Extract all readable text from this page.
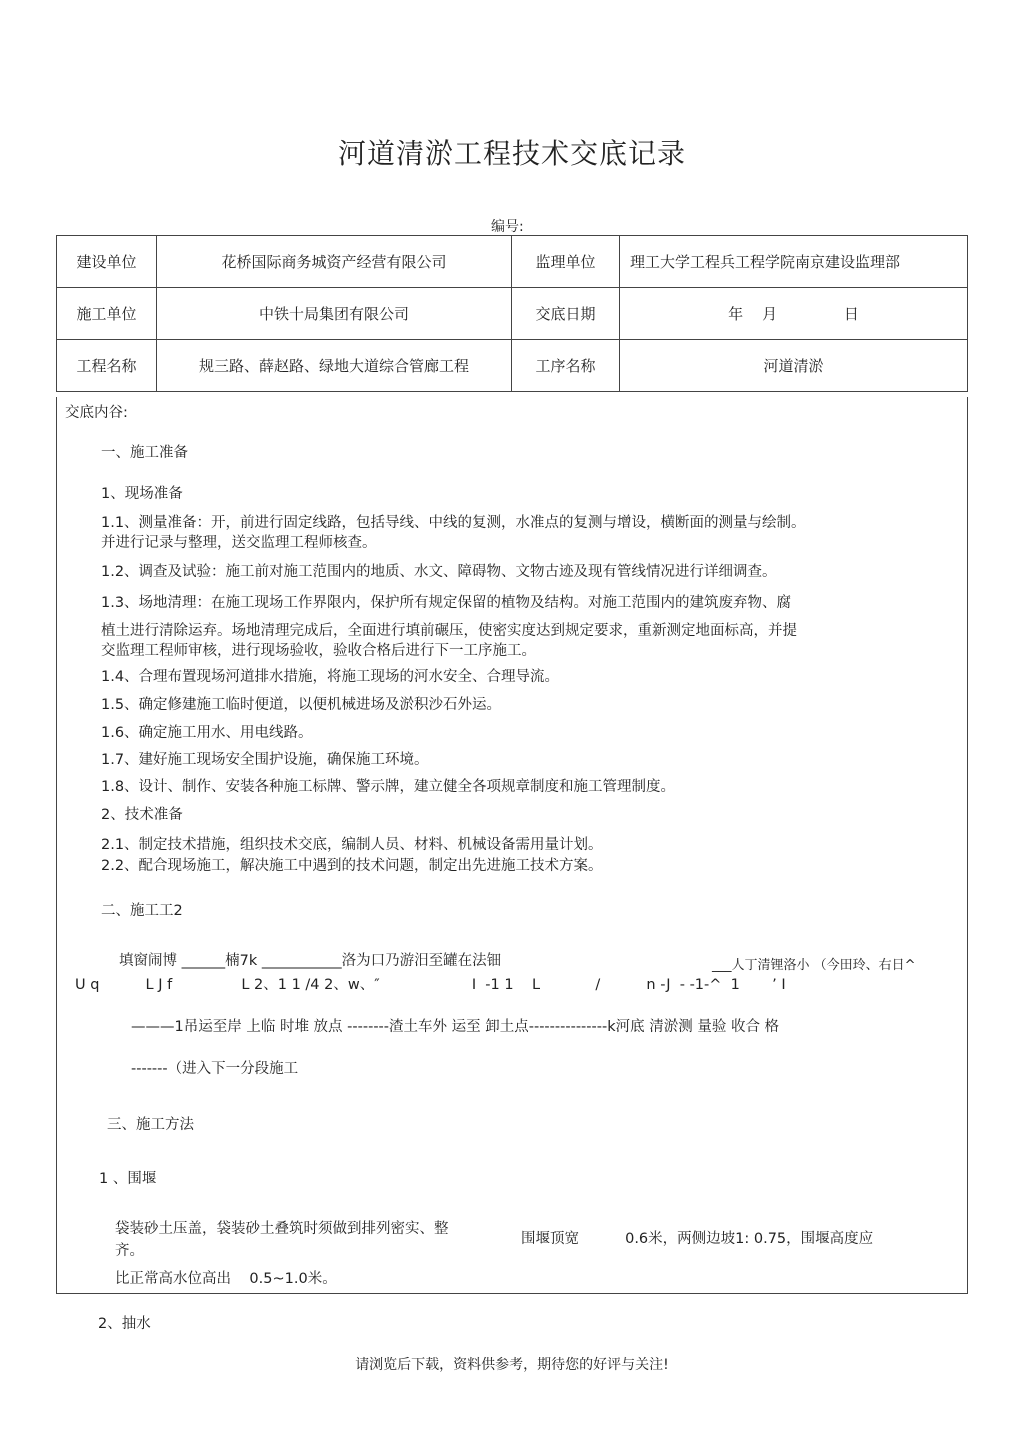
河道清淤工程技术交底记录
编号:
建设单位	花桥国际商务城资产经营有限公司	监理单位	理工大学工程兵工程学院南京建设监理部
施工单位	中铁十局集团有限公司	交底日期	年    月              日
工程名称	规三路、薛赵路、绿地大道综合管廊工程	工序名称	河道清淤
交底内谷:
一、施工准备
1、现场准备
1.1、测量准备：开，前进行固定线路，包括导线、中线的复测，水准点的复测与增设，横断面的测量与绘制。
并进行记录与整理，送交监理工程师核查。
1.2、调查及试验：施工前对施工范围内的地质、水文、障碍物、文物古迹及现有管线情况进行详细调查。
1.3、场地清理：在施工现场工作界限内，保护所有规定保留的植物及结构。对施工范围内的建筑废弃物、腐
植土进行清除运弃。场地清理完成后，全面进行填前碾压，使密实度达到规定要求，重新测定地面标高，并提
交监理工程师审核，进行现场验收，验收合格后进行下一工序施工。
1.4、合理布置现场河道排水措施，将施工现场的河水安全、合理导流。
1.5、确定修建施工临时便道，以便机械进场及淤积沙石外运。
1.6、确定施工用水、用电线路。
1.7、建好施工现场安全围护设施，确保施工环境。
1.8、设计、制作、安装各种施工标牌、警示牌，建立健全各项规章制度和施工管理制度。
2、技术准备
2.1、制定技术措施，组织技术交底，编制人员、材料、机械设备需用量计划。
2.2、配合现场施工，解决施工中遇到的技术问题，制定出先进施工技术方案。
二、施工工2
填窗闹博 ______楠7k ___________洛为口乃游汨至罐在法钿	___人丁清锂洛小 （今田玲、右日^
U q          L J f               L 2、1 1 /4 2、w、″                    I  -1 1    L            /          n -J  - -1-^  1       ’ I
———1吊运至岸 上临 时堆 放点 --------渣土车外 运至 卸土点---------------k河底 清淤测 量验 收合 格
-------（进入下一分段施工
三、施工方法
1 、围堰
袋装砂土压盖，袋装砂土叠筑时须做到排列密实、整
齐。
围堰顶宽          0.6米，两侧边坡1: 0.75，围堰高度应
比正常高水位高出    0.5~1.0米。
2、抽水
请浏览后下载，资料供参考，期待您的好评与关注!
